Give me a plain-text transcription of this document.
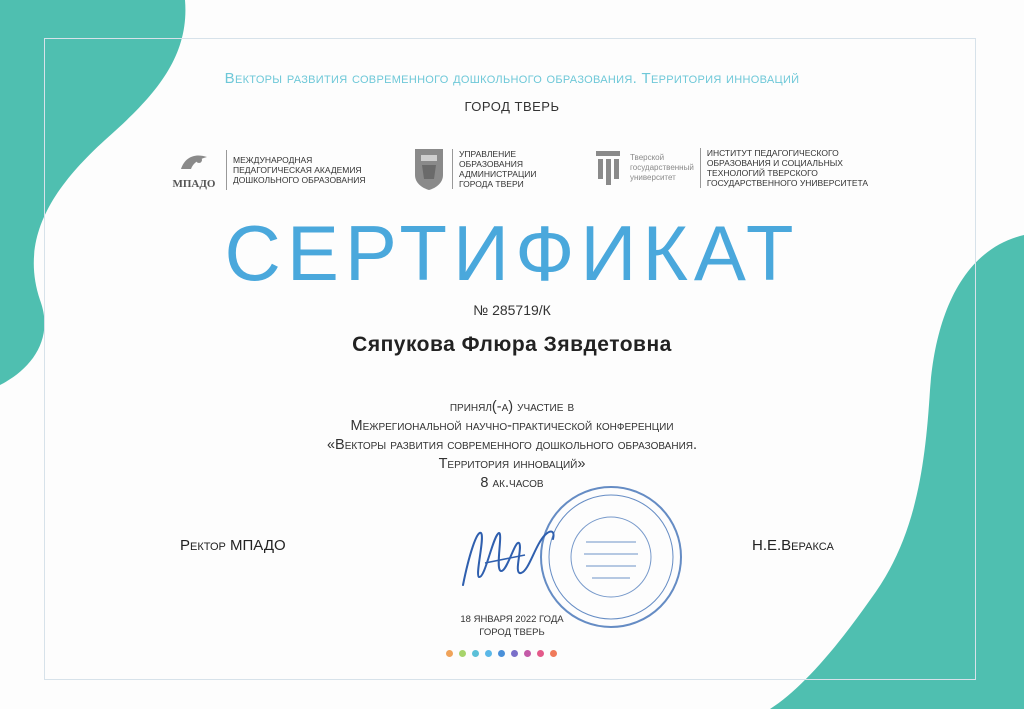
Векторы развития современного дошкольного образования. Территория инноваций
ГОРОД ТВЕРЬ
МПАДО
МЕЖДУНАРОДНАЯ
ПЕДАГОГИЧЕСКАЯ АКАДЕМИЯ
ДОШКОЛЬНОГО ОБРАЗОВАНИЯ
УПРАВЛЕНИЕ
ОБРАЗОВАНИЯ
АДМИНИСТРАЦИИ
ГОРОДА ТВЕРИ
Тверской
государственный
университет
ИНСТИТУТ ПЕДАГОГИЧЕСКОГО
ОБРАЗОВАНИЯ И СОЦИАЛЬНЫХ
ТЕХНОЛОГИЙ ТВЕРСКОГО
ГОСУДАРСТВЕННОГО УНИВЕРСИТЕТА
СЕРТИФИКАТ
№ 285719/К
Сяпукова Флюра Зявдетовна
принял(-а) участие в
Межрегиональной научно-практической конференции
«Векторы развития современного дошкольного образования.
Территория инноваций»
8 ак.часов
Ректор МПАДО	Н.Е.Веракса
18 ЯНВАРЯ 2022 ГОДА
ГОРОД ТВЕРЬ
